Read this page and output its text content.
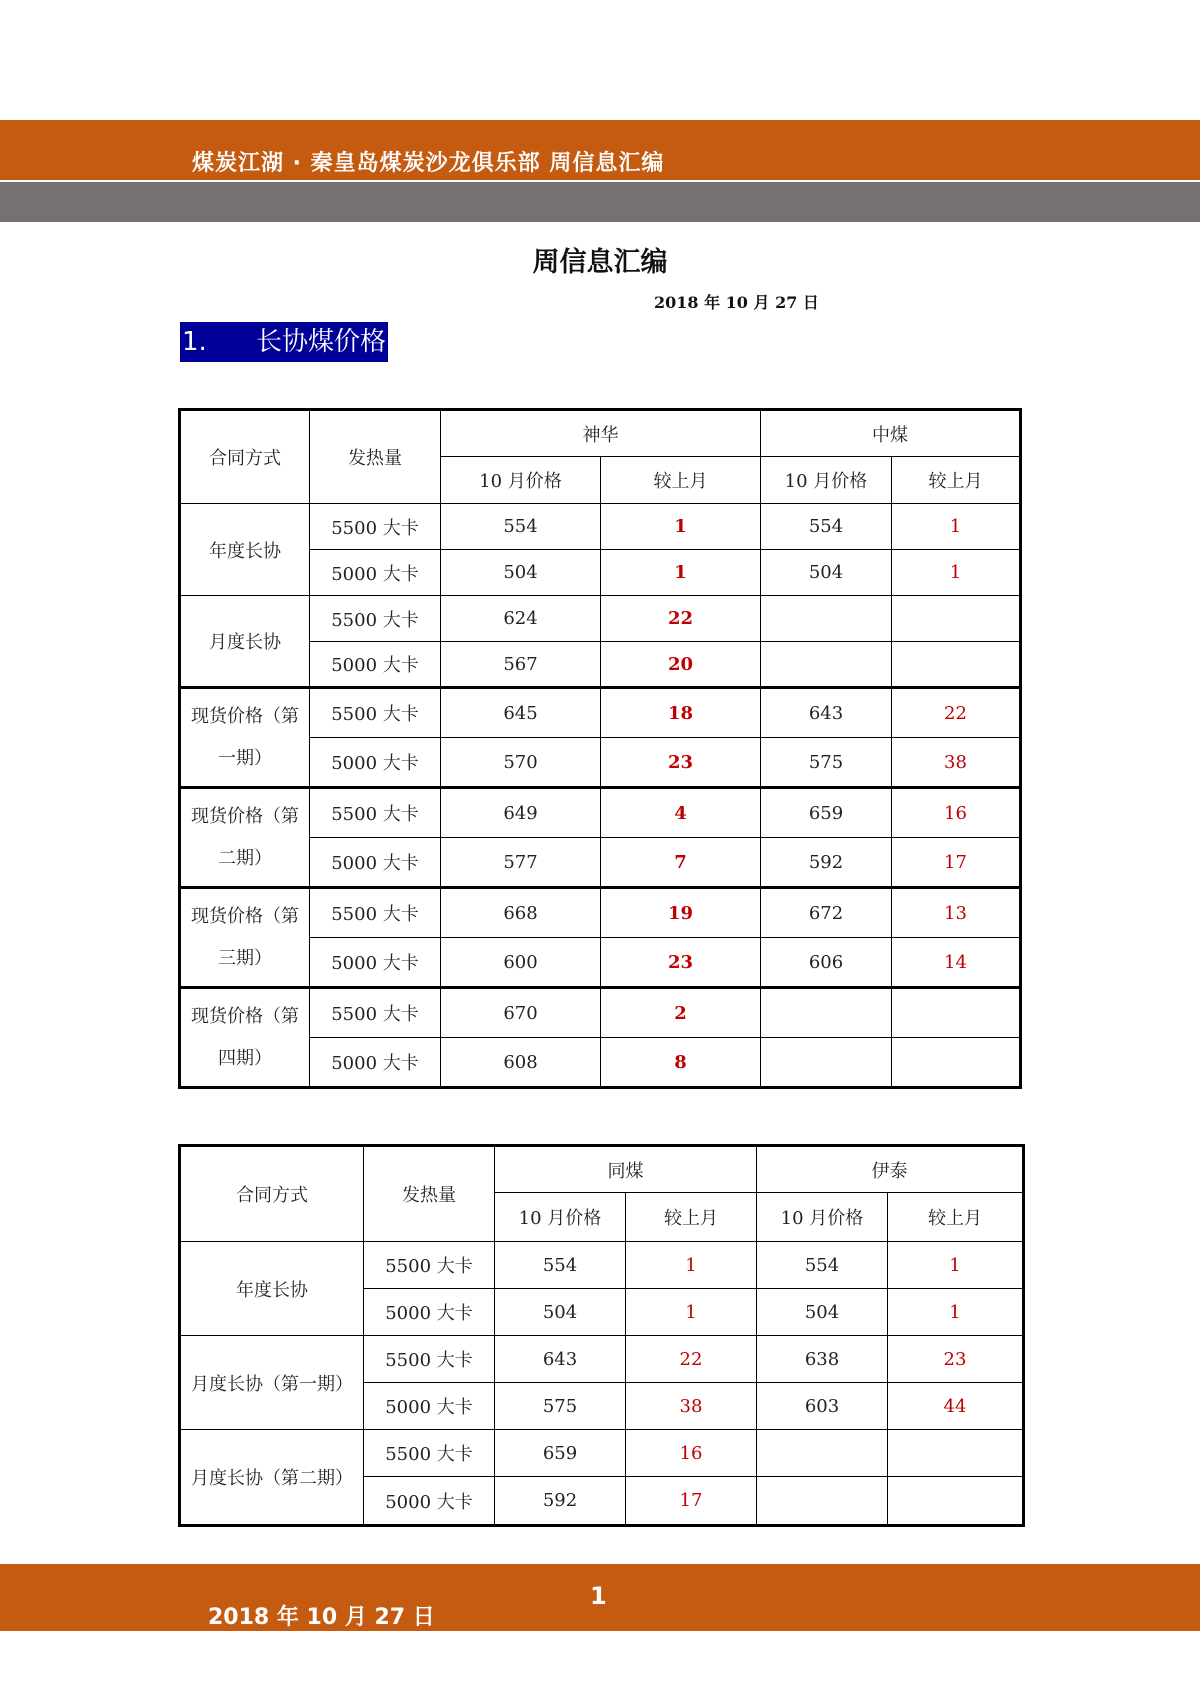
煤炭江湖 · 秦皇岛煤炭沙龙俱乐部 周信息汇编
周信息汇编
2018 年 10 月 27 日
1. 长协煤价格
合同方式	发热量	神华		中煤	
		10 月价格	较上月	10 月价格	较上月
年度长协	5500 大卡	554	1	554	1
	5000 大卡	504	1	504	1
月度长协	5500 大卡	624	22		
	5000 大卡	567	20		
现货价格（第
一期）	5500 大卡	645	18	643	22
	5000 大卡	570	23	575	38
现货价格（第
二期）	5500 大卡	649	4	659	16
	5000 大卡	577	7	592	17
现货价格（第
三期）	5500 大卡	668	19	672	13
	5000 大卡	600	23	606	14
现货价格（第
四期）	5500 大卡	670	2		
	5000 大卡	608	8		
合同方式	发热量	同煤		伊泰	
		10 月价格	较上月	10 月价格	较上月
年度长协	5500 大卡	554	1	554	1
	5000 大卡	504	1	504	1
月度长协（第一期）	5500 大卡	643	22	638	23
	5000 大卡	575	38	603	44
月度长协（第二期）	5500 大卡	659	16		
	5000 大卡	592	17		
1
2018 年 10 月 27 日
